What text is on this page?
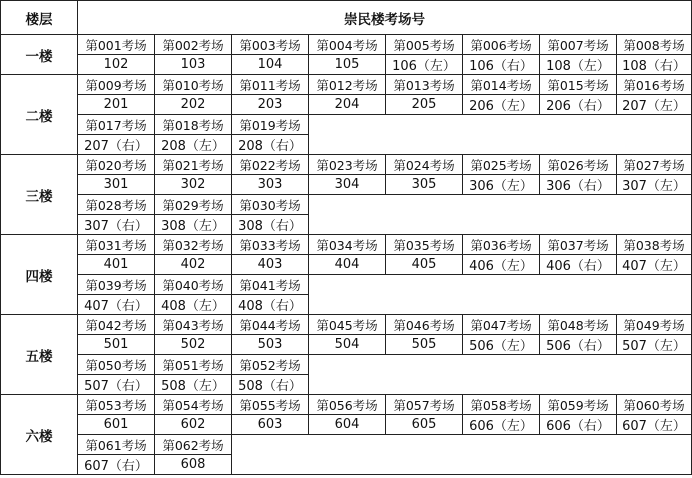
楼层	崇民楼考场号							
一楼	第001考场	第002考场	第003考场	第004考场	第005考场	第006考场	第007考场	第008考场
	102	103	104	105	106（左）	106（右）	108（左）	108（右）
二楼	第009考场	第010考场	第011考场	第012考场	第013考场	第014考场	第015考场	第016考场
	201	202	203	204	205	206（左）	206（右）	207（左）
	第017考场	第018考场	第019考场					
	207（右）	208（左）	208（右）					
三楼	第020考场	第021考场	第022考场	第023考场	第024考场	第025考场	第026考场	第027考场
	301	302	303	304	305	306（左）	306（右）	307（左）
	第028考场	第029考场	第030考场					
	307（右）	308（左）	308（右）					
四楼	第031考场	第032考场	第033考场	第034考场	第035考场	第036考场	第037考场	第038考场
	401	402	403	404	405	406（左）	406（右）	407（左）
	第039考场	第040考场	第041考场					
	407（右）	408（左）	408（右）					
五楼	第042考场	第043考场	第044考场	第045考场	第046考场	第047考场	第048考场	第049考场
	501	502	503	504	505	506（左）	506（右）	507（左）
	第050考场	第051考场	第052考场					
	507（右）	508（左）	508（右）					
六楼	第053考场	第054考场	第055考场	第056考场	第057考场	第058考场	第059考场	第060考场
	601	602	603	604	605	606（左）	606（右）	607（左）
	第061考场	第062考场						
	607（右）	608						
